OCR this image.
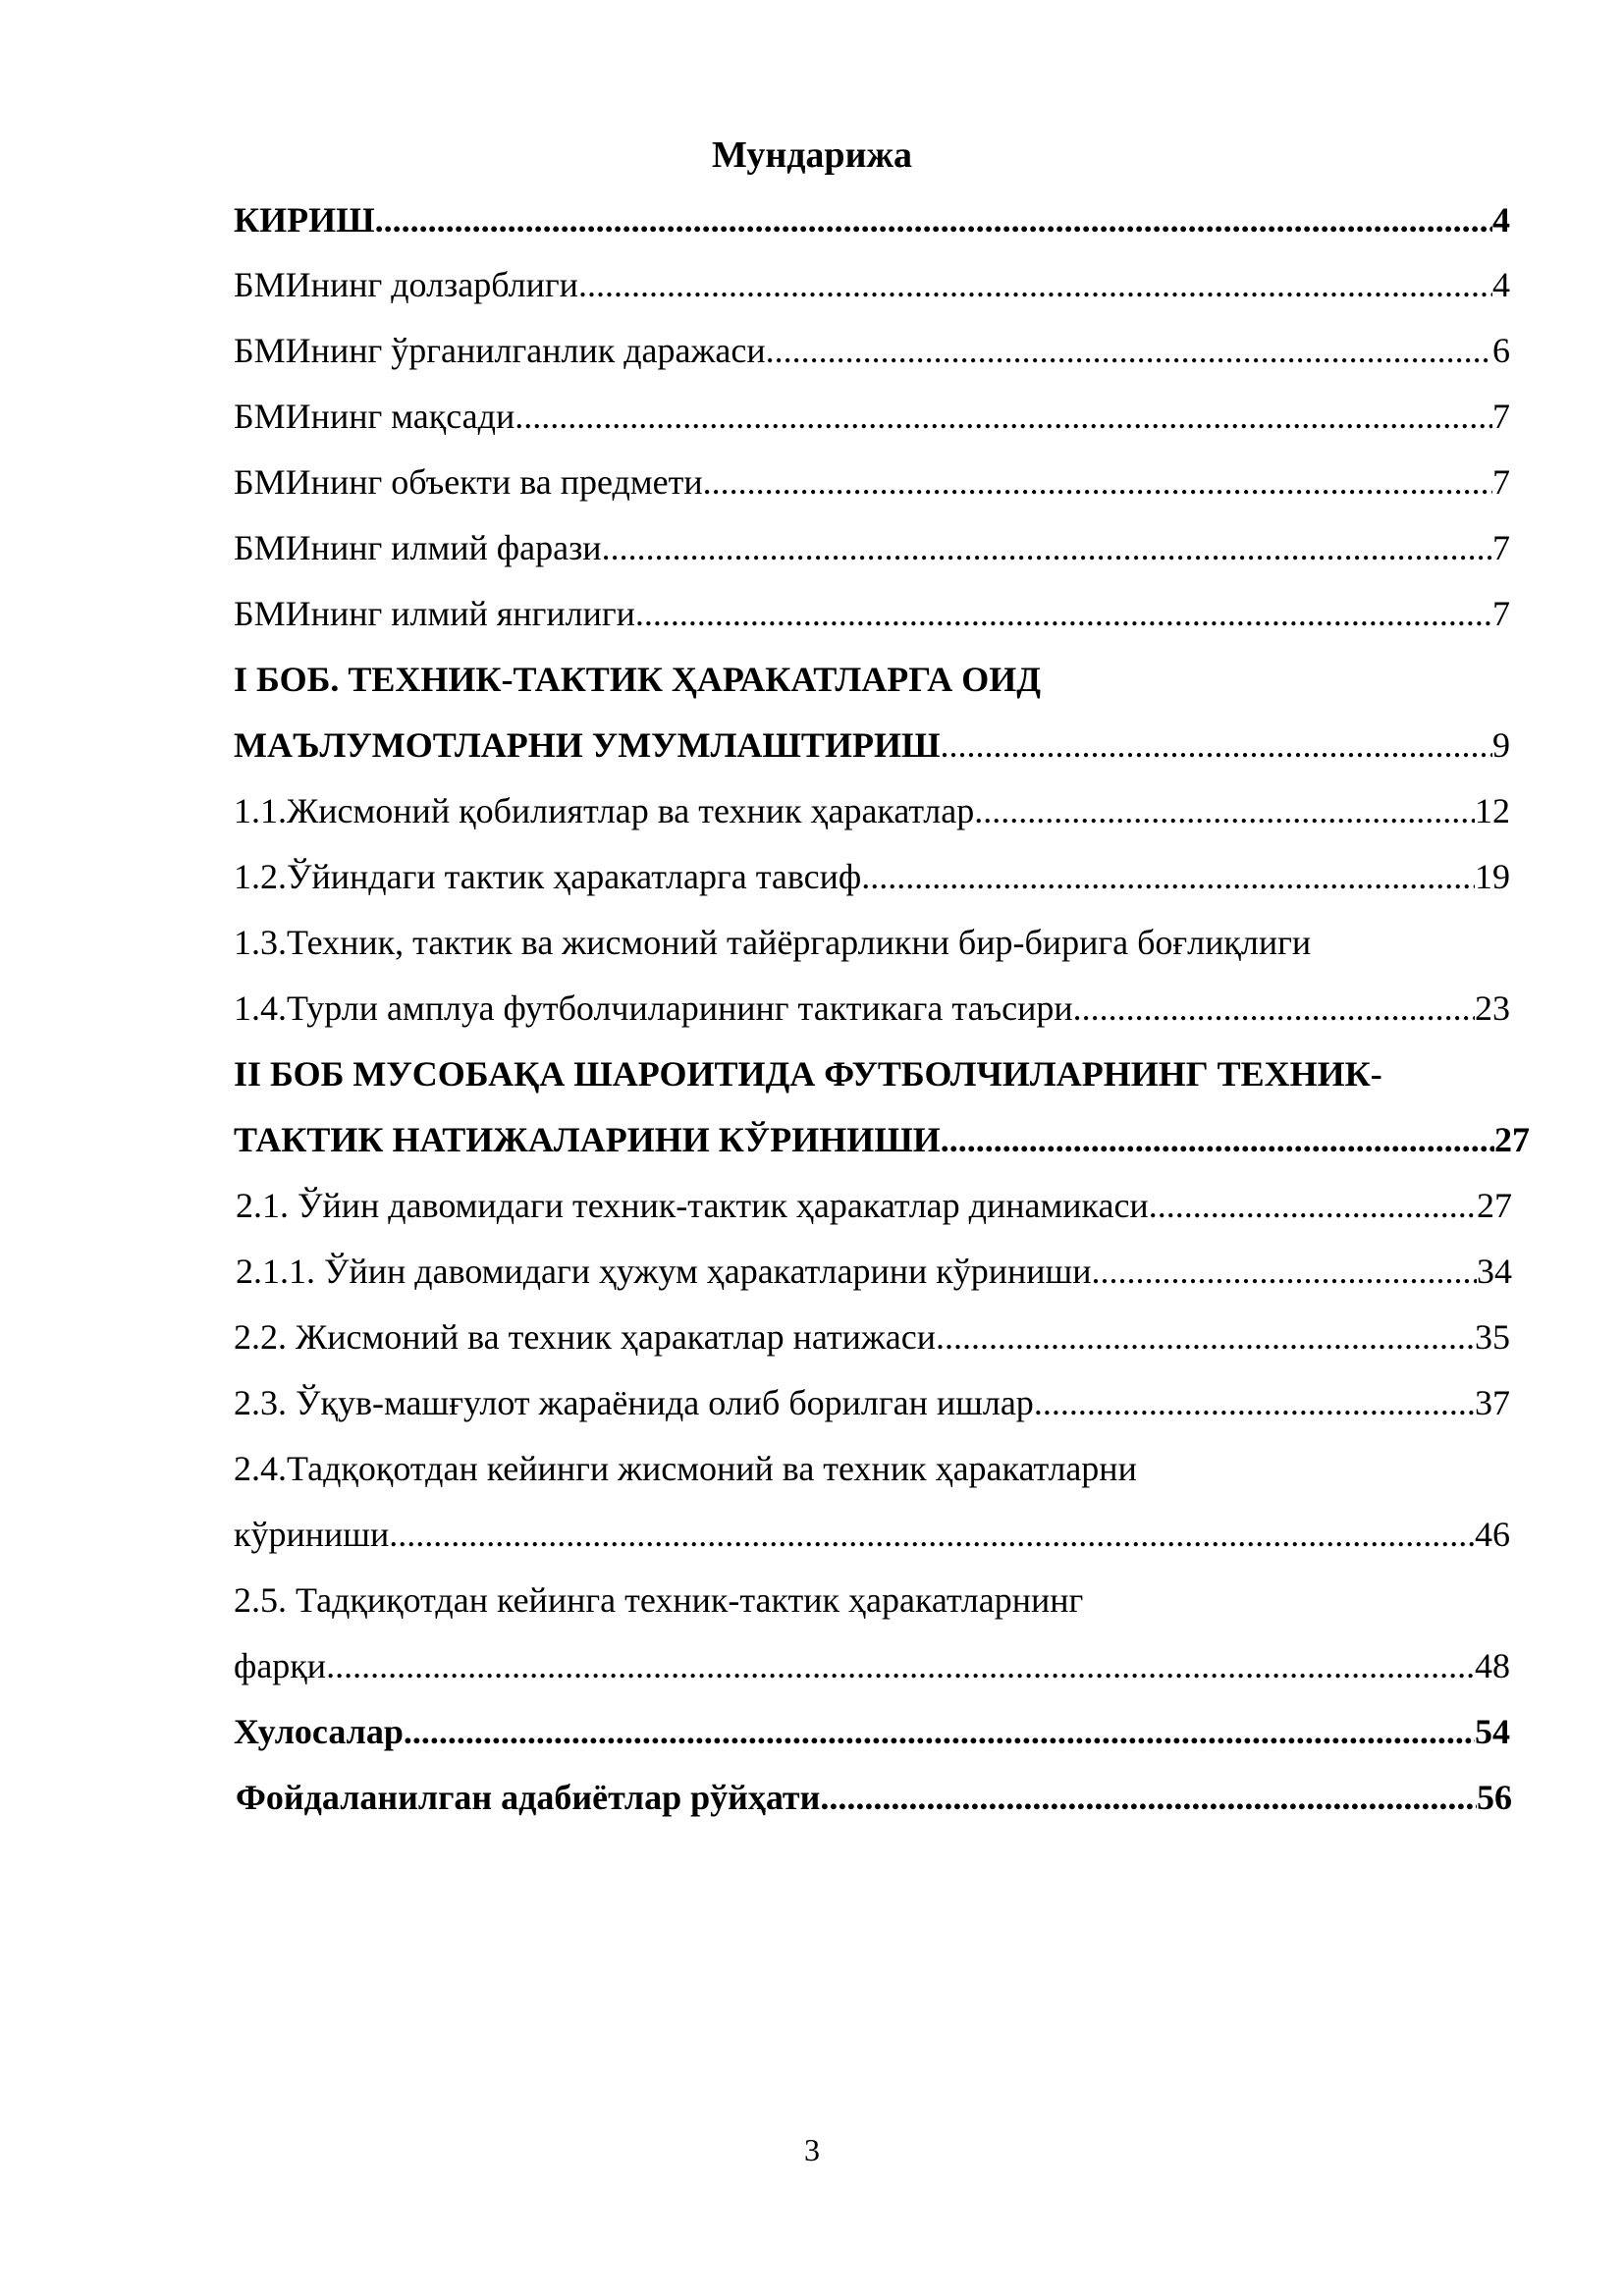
Мундарижа
КИРИШ .....	4
БМИнинг долзарблиги .....	4
БМИнинг ўрганилганлик даражаси .....	6
БМИнинг мақсади .....	7
БМИнинг объекти ва предмети .....	7
БМИнинг илмий фарази .....	7
БМИнинг илмий янгилиги .....	7
I БОБ. ТЕХНИК-ТАКТИК ҲАРАКАТЛАРГА ОИД
МАЪЛУМОТЛАРНИ УМУМЛАШТИРИШ .....	9
1.1.Жисмоний қобилиятлар ва техник ҳаракатлар .....	12
1.2.Ўйиндаги тактик ҳаракатларга тавсиф .....	19
1.3.Техник, тактик ва жисмоний тайёргарликни бир-бирига боғлиқлиги
1.4.Турли амплуа футболчиларининг тактикага таъсири .....	23
II БОБ МУСОБАҚА ШАРОИТИДА ФУТБОЛЧИЛАРНИНГ ТЕХНИК-
ТАКТИК НАТИЖАЛАРИНИ КЎРИНИШИ .....	27
2.1. Ўйин давомидаги техник-тактик ҳаракатлар динамикаси .....	27
2.1.1. Ўйин давомидаги ҳужум ҳаракатларини кўриниши .....	34
2.2. Жисмоний ва техник ҳаракатлар натижаси .....	35
2.3. Ўқув-машғулот жараёнида олиб борилган ишлар .....	37
2.4.Тадқоқотдан кейинги жисмоний ва техник ҳаракатларни
кўриниши .....	46
2.5. Тадқиқотдан кейинга техник-тактик ҳаракатларнинг
фарқи .....	48
Хулосалар .....	54
Фойдаланилган адабиётлар рўйҳати .....	56
3
